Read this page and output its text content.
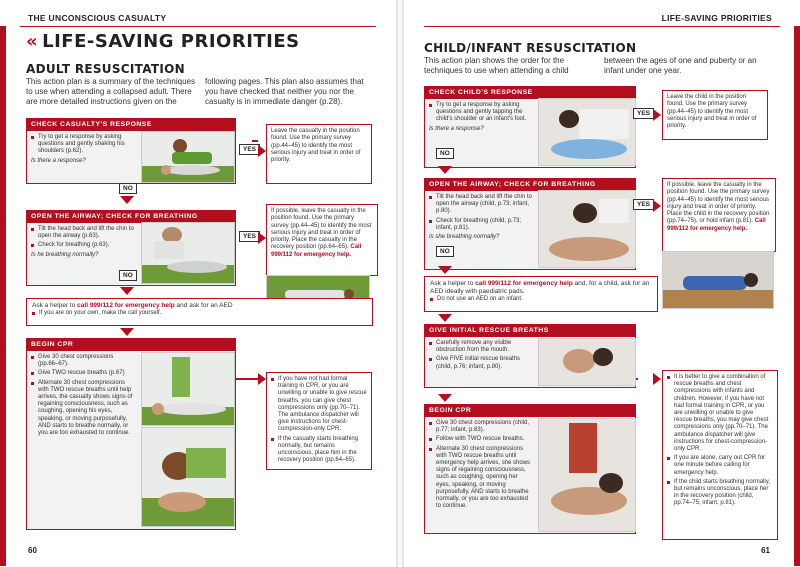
THE UNCONSCIOUS CASUALTY
« LIFE-SAVING PRIORITIES
ADULT RESUSCITATION
This action plan is a summary of the techniques to use when attending a collapsed adult. There are more detailed instructions given on the
following pages. This plan also assumes that you have checked that neither you nor the casualty is in immediate danger (p.28).
CHECK CASUALTY'S RESPONSE
Try to get a response by asking questions and gently shaking his shoulders (p.62).
Is there a response?
YES
Leave the casualty in the position found. Use the primary survey (pp.44–45) to identify the most serious injury and treat in order of priority.
NO
OPEN THE AIRWAY; CHECK FOR BREATHING
Tilt the head back and lift the chin to open the airway (p.63).
Check for breathing (p.63).
Is he breathing normally?
YES
If possible, leave the casualty in the position found. Use the primary survey (pp.44–45) to identify the most serious injury and treat in order of priority. Place the casualty in the recovery position (pp.64–65). Call 999/112 for emergency help.
NO
Ask a helper to call 999/112 for emergency help and ask for an AED
If you are on your own, make the call yourself.
BEGIN CPR
Give 30 chest compressions (pp.66–67).
Give TWO rescue breaths (p.67)
Alternate 30 chest compressions with TWO rescue breaths until help arrives, the casualty shows signs of regaining consciousness, such as coughing, opening his eyes, speaking, or moving purposefully, AND starts to breathe normally, or you are too exhausted to continue.
If you have not had formal training in CPR, or you are unwilling or unable to give rescue breaths, you can give chest compressions only (pp.70–71). The ambulance dispatcher will give instructions for chest-compression-only CPR.
If the casualty starts breathing normally, but remains unconscious, place him in the recovery position (pp.64–65).
60
LIFE-SAVING PRIORITIES
CHILD/INFANT RESUSCITATION
This action plan shows the order for the techniques to use when attending a child
between the ages of one and puberty or an infant under one year.
CHECK CHILD'S RESPONSE
Try to get a response by asking questions and gently tapping the child's shoulder or an infant's foot.
Is there a response?
YES
Leave the child in the position found. Use the primary survey (pp.44–45) to identify the most serious injury and treat in order of priority.
NO
OPEN THE AIRWAY; CHECK FOR BREATHING
Tilt the head back and lift the chin to open the airway (child, p.73; infant, p.80).
Check for breathing (child, p.73; infant, p.81).
Is she breathing normally?
YES
If possible, leave the casualty in the position found. Use the primary survey (pp.44–45) to identify the most serious injury and treat in order of priority. Place the child in the recovery position (pp.74–75), or hold infant (p.81). Call 999/112 for emergency help.
NO
Ask a helper to call 999/112 for emergency help and, for a child, ask for an AED ideally with paediatric pads.
Do not use an AED on an infant.
GIVE INITIAL RESCUE BREATHS
Carefully remove any visible obstruction from the mouth.
Give FIVE initial rescue breaths (child, p.76; infant, p.80).
BEGIN CPR
Give 30 chest compressions (child, p.77; infant, p.83).
Follow with TWO rescue breaths.
Alternate 30 chest compressions with TWO rescue breaths until emergency help arrives, she shows signs of regaining consciousness, such as coughing, opening her eyes, speaking, or moving purposefully, AND starts to breathe normally, or you are too exhausted to continue.
It is better to give a combination of rescue breaths and chest compressions with infants and children. However, if you have not had formal training in CPR, or you are unwilling or unable to give rescue breaths, you may give chest compressions only (pp.70–71). The ambulance dispatcher will give instructions for chest-compression-only CPR.
If you are alone, carry out CPR for one minute before calling for emergency help.
If the child starts breathing normally, but remains unconscious, place her in the recovery position (child, pp.74–75; infant, p.81).
61
